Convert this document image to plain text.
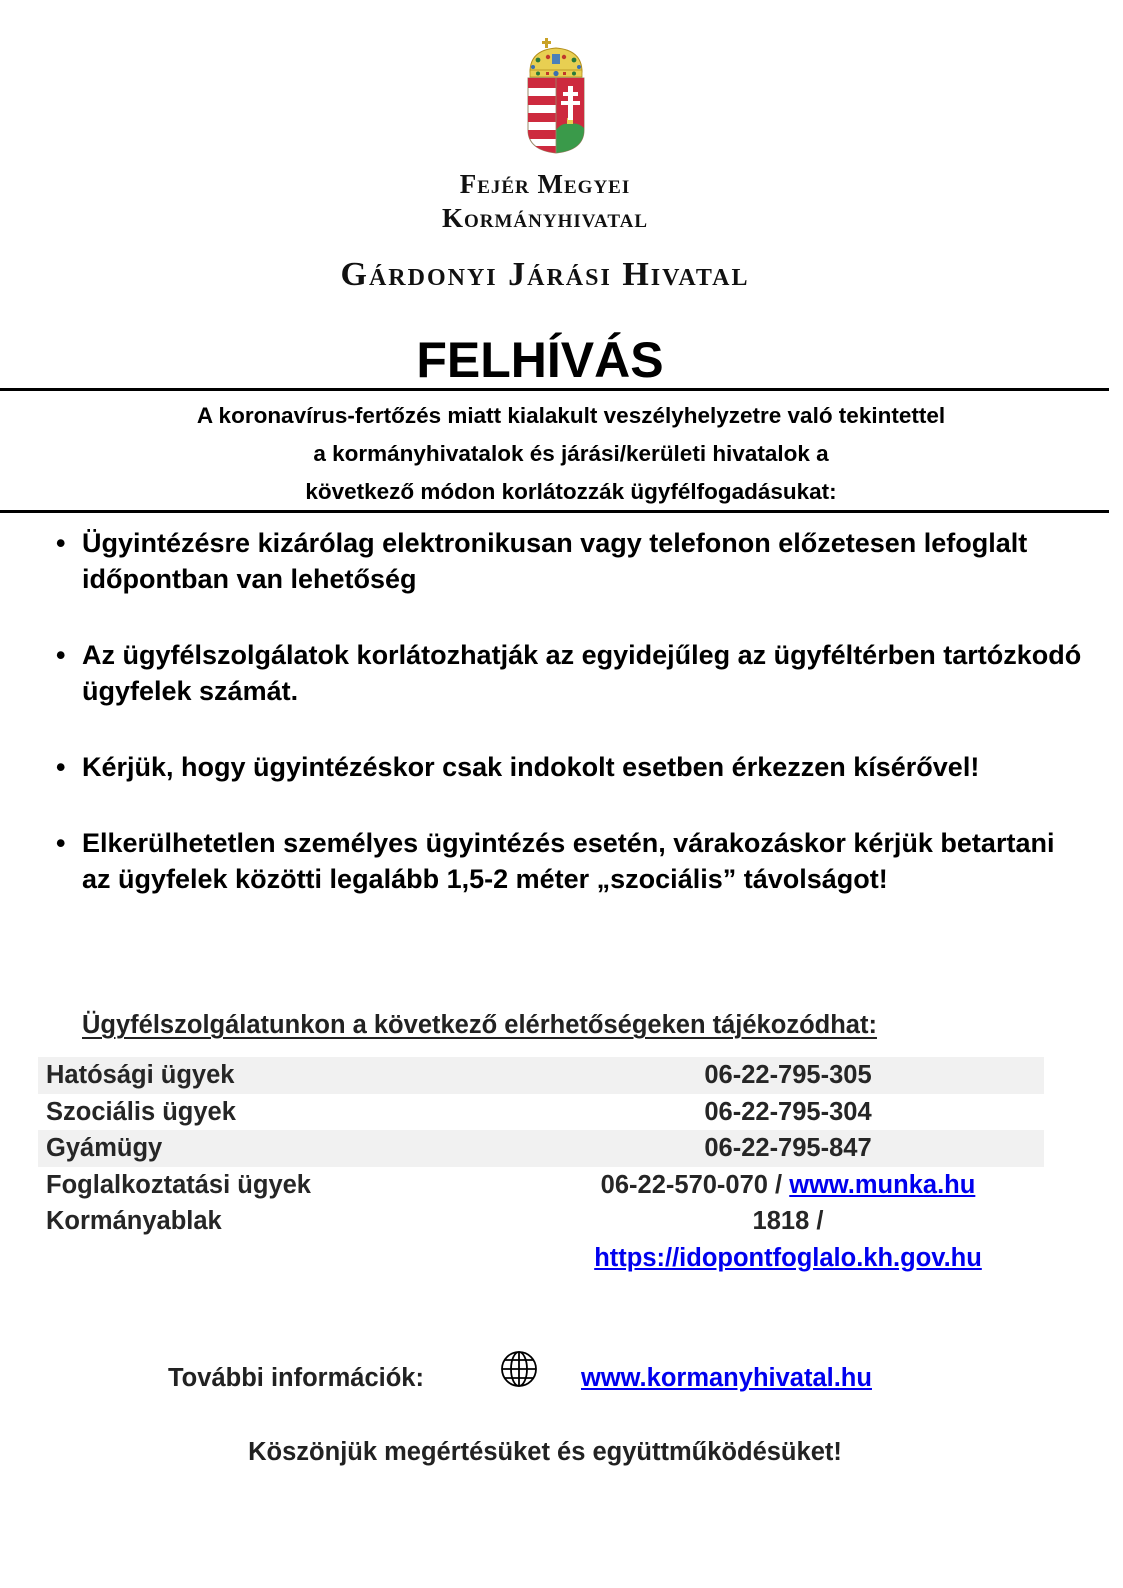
Fejér Megyei
Kormányhivatal
Gárdonyi Járási Hivatal
FELHÍVÁS
A koronavírus-fertőzés miatt kialakult veszélyhelyzetre való tekintettel
a kormányhivatalok és járási/kerületi hivatalok a
következő módon korlátozzák ügyfélfogadásukat:
• Ügyintézésre kizárólag elektronikusan vagy telefonon előzetesen lefoglalt időpontban van lehetőség
• Az ügyfélszolgálatok korlátozhatják az egyidejűleg az ügyféltérben tartózkodó ügyfelek számát.
• Kérjük, hogy ügyintézéskor csak indokolt esetben érkezzen kísérővel!
• Elkerülhetetlen személyes ügyintézés esetén, várakozáskor kérjük betartani az ügyfelek közötti legalább 1,5-2 méter „szociális” távolságot!
Ügyfélszolgálatunkon a következő elérhetőségeken tájékozódhat:
Hatósági ügyek	06-22-795-305
Szociális ügyek	06-22-795-304
Gyámügy	06-22-795-847
Foglalkoztatási ügyek	06-22-570-070 / www.munka.hu
Kormányablak	1818 /
https://idopontfoglalo.kh.gov.hu
További információk:	www.kormanyhivatal.hu
Köszönjük megértésüket és együttműködésüket!
